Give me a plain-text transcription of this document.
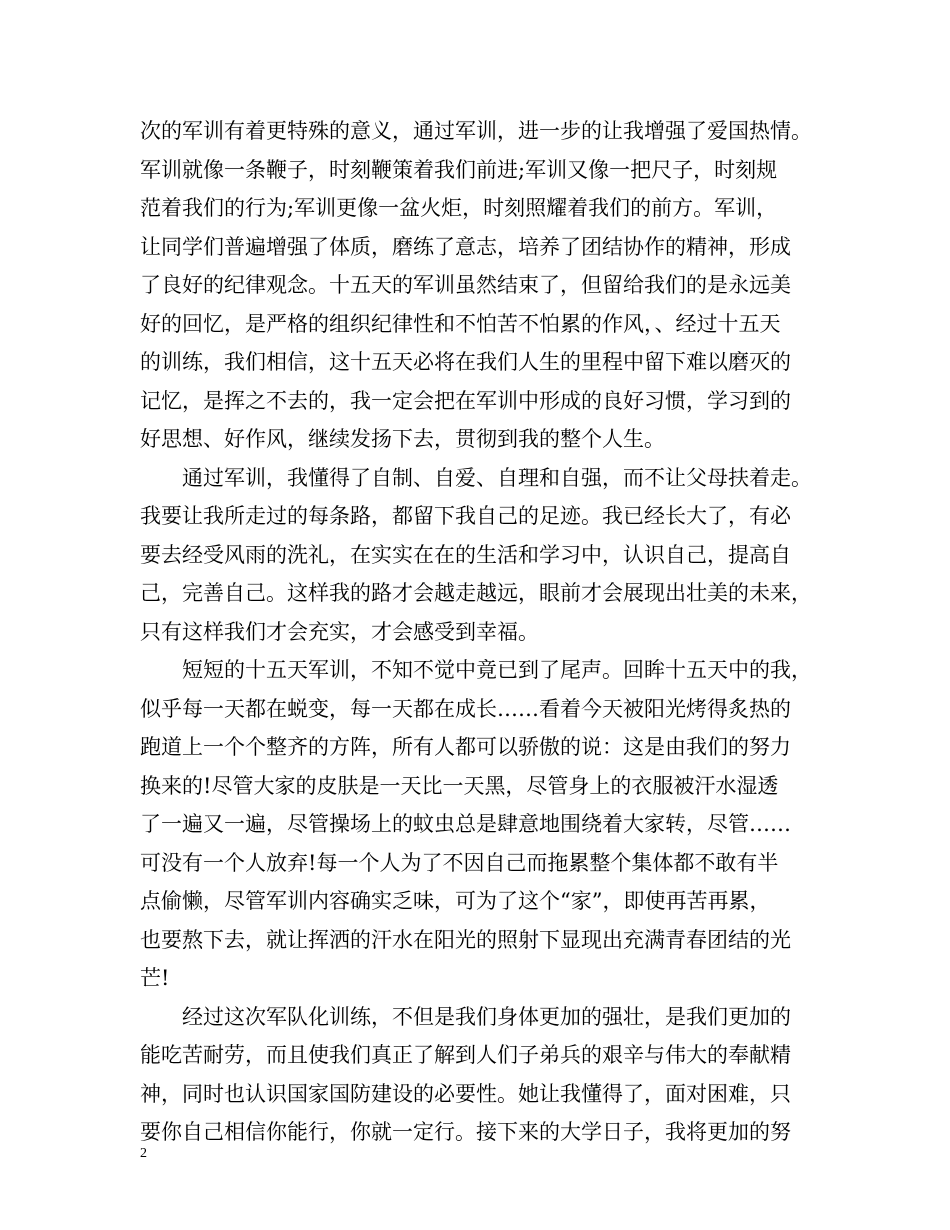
次的军训有着更特殊的意义，通过军训，进一步的让我增强了爱国热情。
军训就像一条鞭子，时刻鞭策着我们前进;军训又像一把尺子，时刻规
范着我们的行为;军训更像一盆火炬，时刻照耀着我们的前方。军训，
让同学们普遍增强了体质，磨练了意志，培养了团结协作的精神，形成
了良好的纪律观念。十五天的军训虽然结束了，但留给我们的是永远美
好的回忆，是严格的组织纪律性和不怕苦不怕累的作风，、经过十五天
的训练，我们相信，这十五天必将在我们人生的里程中留下难以磨灭的
记忆，是挥之不去的，我一定会把在军训中形成的良好习惯，学习到的
好思想、好作风，继续发扬下去，贯彻到我的整个人生。
　　通过军训，我懂得了自制、自爱、自理和自强，而不让父母扶着走。
我要让我所走过的每条路，都留下我自己的足迹。我已经长大了，有必
要去经受风雨的洗礼，在实实在在的生活和学习中，认识自己，提高自
己，完善自己。这样我的路才会越走越远，眼前才会展现出壮美的未来，
只有这样我们才会充实，才会感受到幸福。
　　短短的十五天军训，不知不觉中竟已到了尾声。回眸十五天中的我，
似乎每一天都在蜕变，每一天都在成长……看着今天被阳光烤得炙热的
跑道上一个个整齐的方阵，所有人都可以骄傲的说：这是由我们的努力
换来的!尽管大家的皮肤是一天比一天黑，尽管身上的衣服被汗水湿透
了一遍又一遍，尽管操场上的蚊虫总是肆意地围绕着大家转，尽管……
可没有一个人放弃!每一个人为了不因自己而拖累整个集体都不敢有半
点偷懒，尽管军训内容确实乏味，可为了这个“家”，即使再苦再累，
也要熬下去，就让挥洒的汗水在阳光的照射下显现出充满青春团结的光
芒!
　　经过这次军队化训练，不但是我们身体更加的强壮，是我们更加的
能吃苦耐劳，而且使我们真正了解到人们子弟兵的艰辛与伟大的奉献精
神，同时也认识国家国防建设的必要性。她让我懂得了，面对困难，只
要你自己相信你能行，你就一定行。接下来的大学日子，我将更加的努
2
